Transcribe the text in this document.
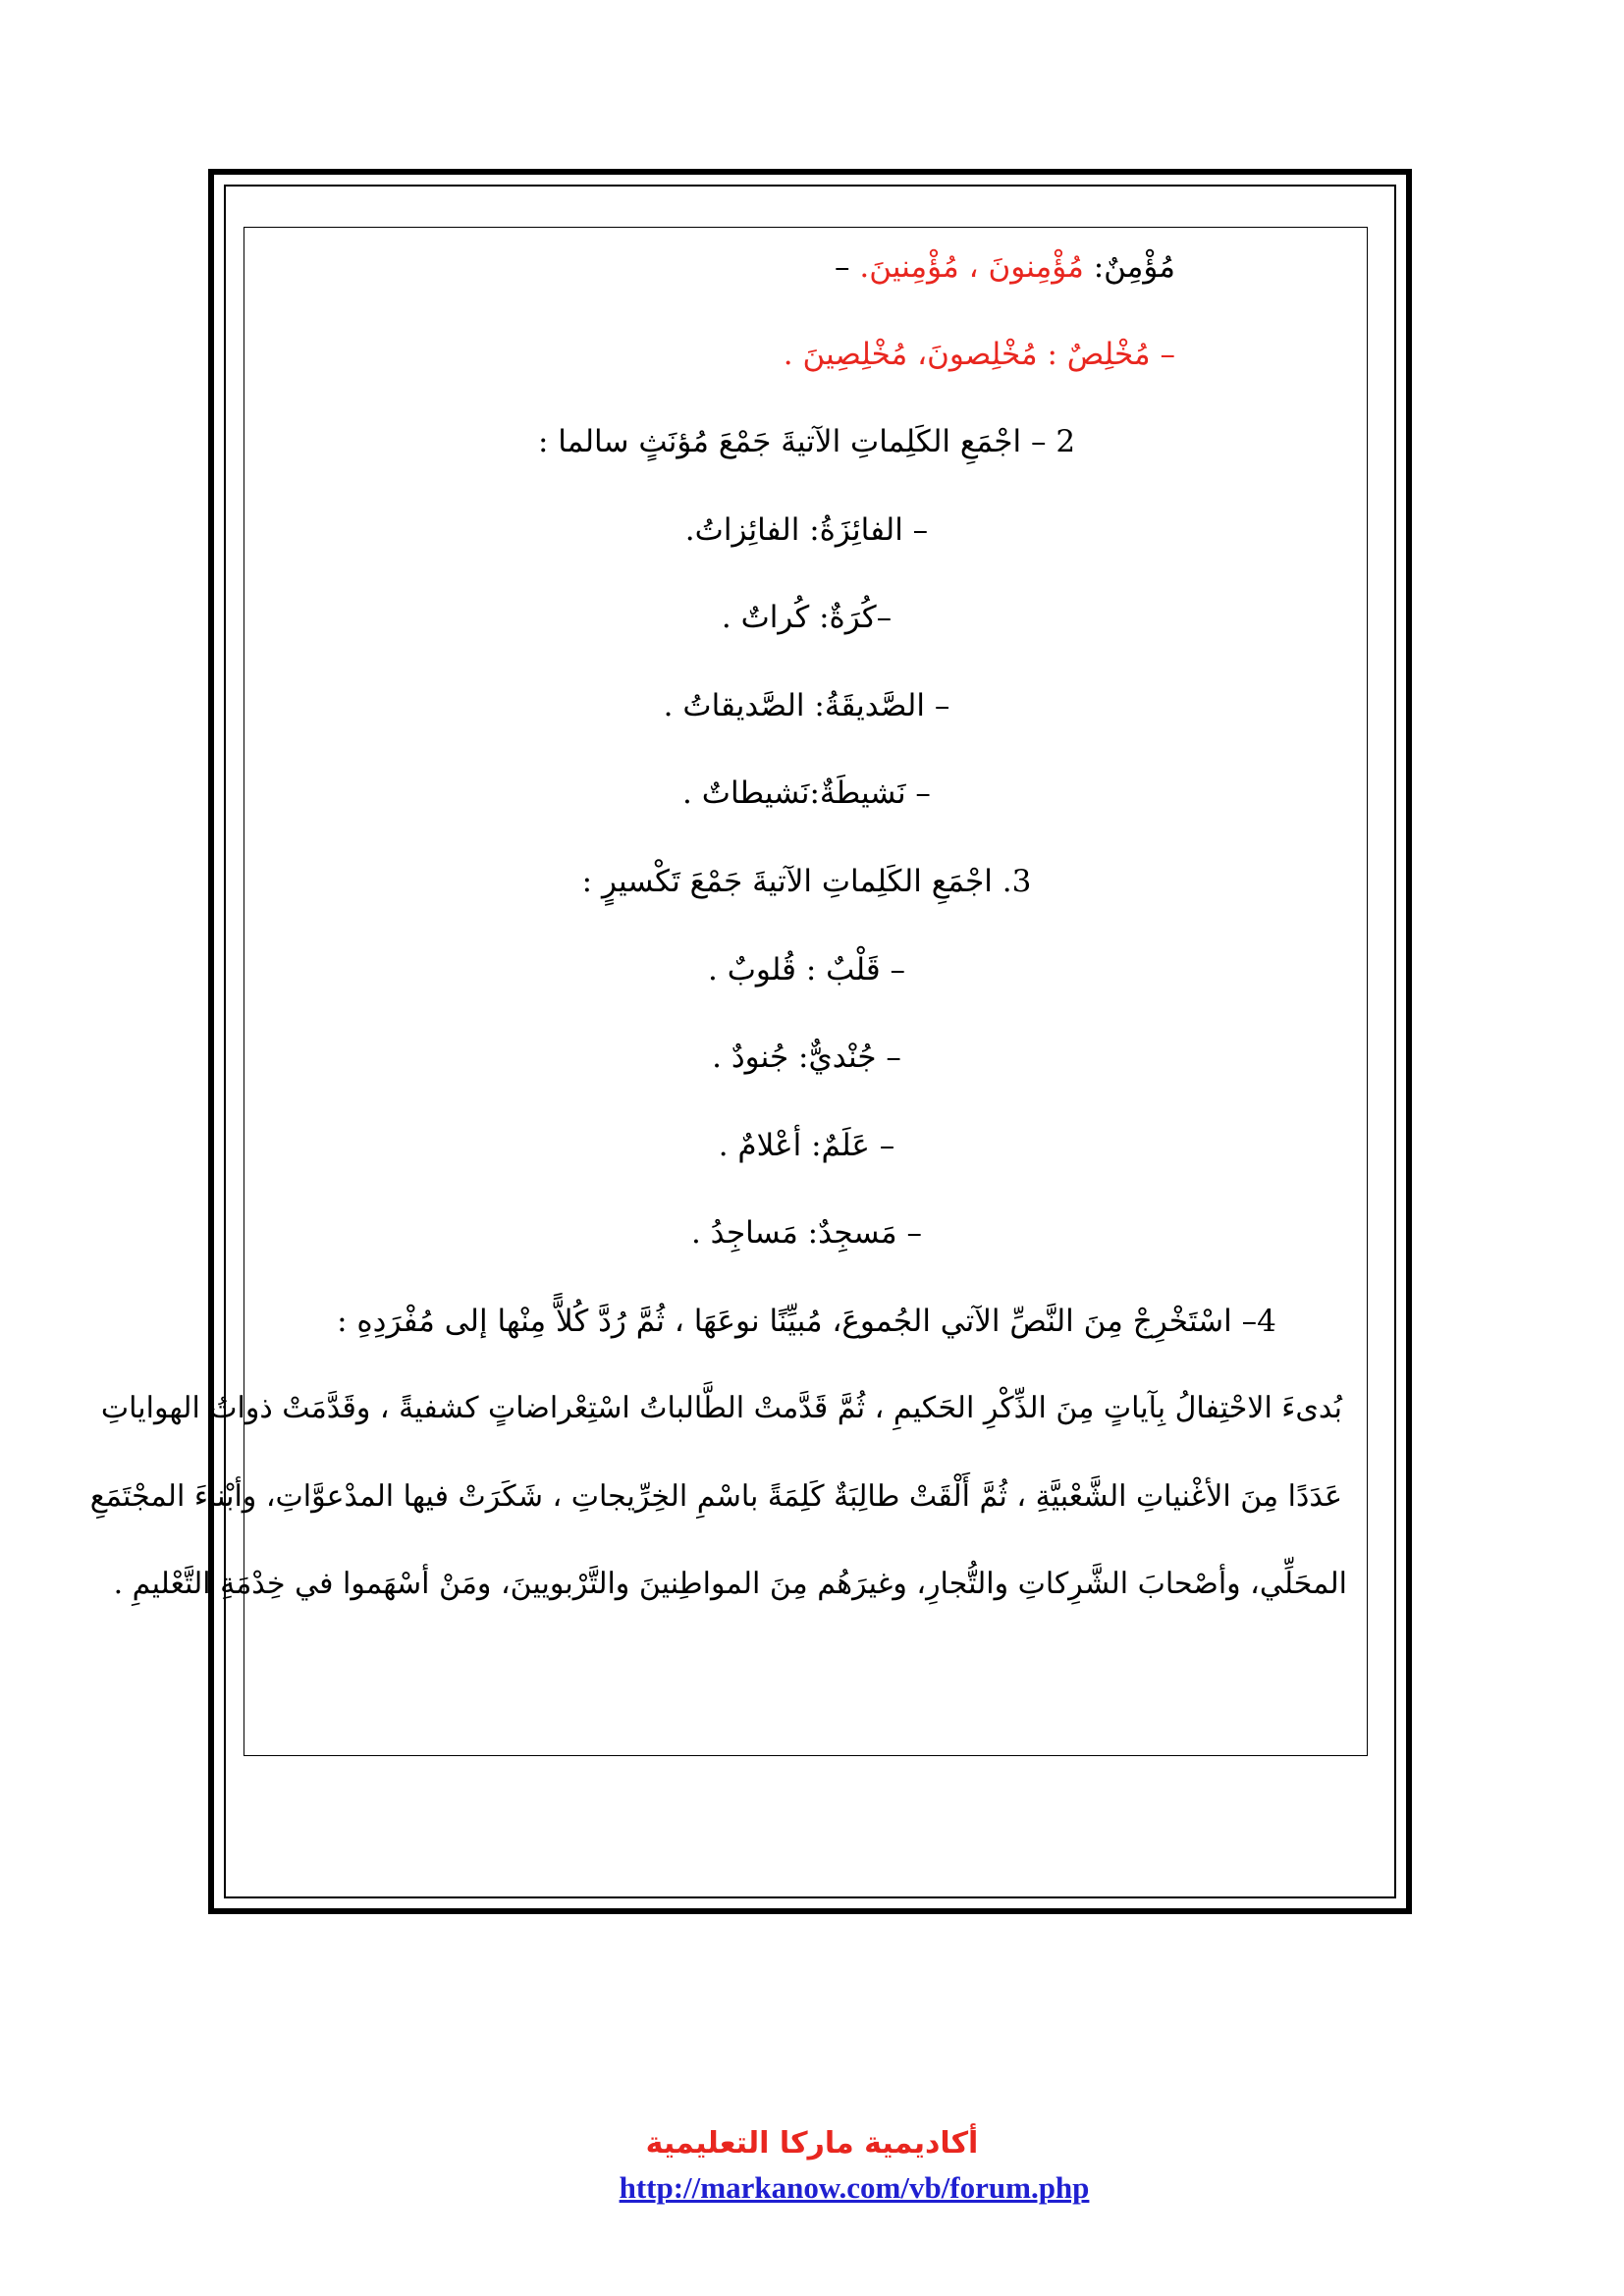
مُؤْمِنٌ: مُؤْمِنونَ ، مُؤْمِنينَ. –
– مُخْلِصٌ : مُخْلِصونَ، مُخْلِصِينَ .
2 – اجْمَعِ الكَلِماتِ الآتيةَ جَمْعَ مُؤنَثٍ سالما :
– الفائِزَةُ: الفائِزاتُ.
–كُرَةٌ: كُراتٌ .
– الصَّديقَةُ: الصَّديقاتُ .
– نَشيطَةٌ:نَشيطاتٌ .
3. اجْمَعِ الكَلِماتِ الآتيةَ جَمْعَ تَكْسيرٍ :
– قَلْبٌ : قُلوبٌ .
– جُنْديٌّ: جُنودٌ .
– عَلَمٌ: أعْلامٌ .
– مَسجِدٌ: مَساجِدُ .
4– اسْتَخْرِجْ مِنَ النَّصِّ الآتي الجُموعَ، مُبيِّنًا نوعَهَا ، ثُمَّ رُدَّ كُلاًّ مِنْها إلى مُفْرَدِهِ :
بُدىءَ الاحْتِفالُ بِآياتٍ مِنَ الذِّكْرِ الحَكيمِ ، ثُمَّ قَدَّمتْ الطَّالباتُ اسْتِعْراضاتٍ كشفيةً ، وقَدَّمَتْ ذواتُ الهواياتِ
عَدَدًا مِنَ الأغْنياتِ الشَّعْبيَّةِ ، ثُمَّ أَلْقَتْ طالِبَةٌ كَلِمَةً باسْمِ الخِرِّيجاتِ ، شَكَرَتْ فيها المدْعوَّاتِ، وأبْناءَ المجْتَمَعِ
المحَلِّي، وأصْحابَ الشَّرِكاتِ والتُّجارِ، وغيرَهُم مِنَ المواطِنينَ والتَّرْبويينَ، ومَنْ أسْهَموا في خِدْمَةِ التَّعْليمِ .
أكاديمية ماركا التعليمية
http://markanow.com/vb/forum.php
